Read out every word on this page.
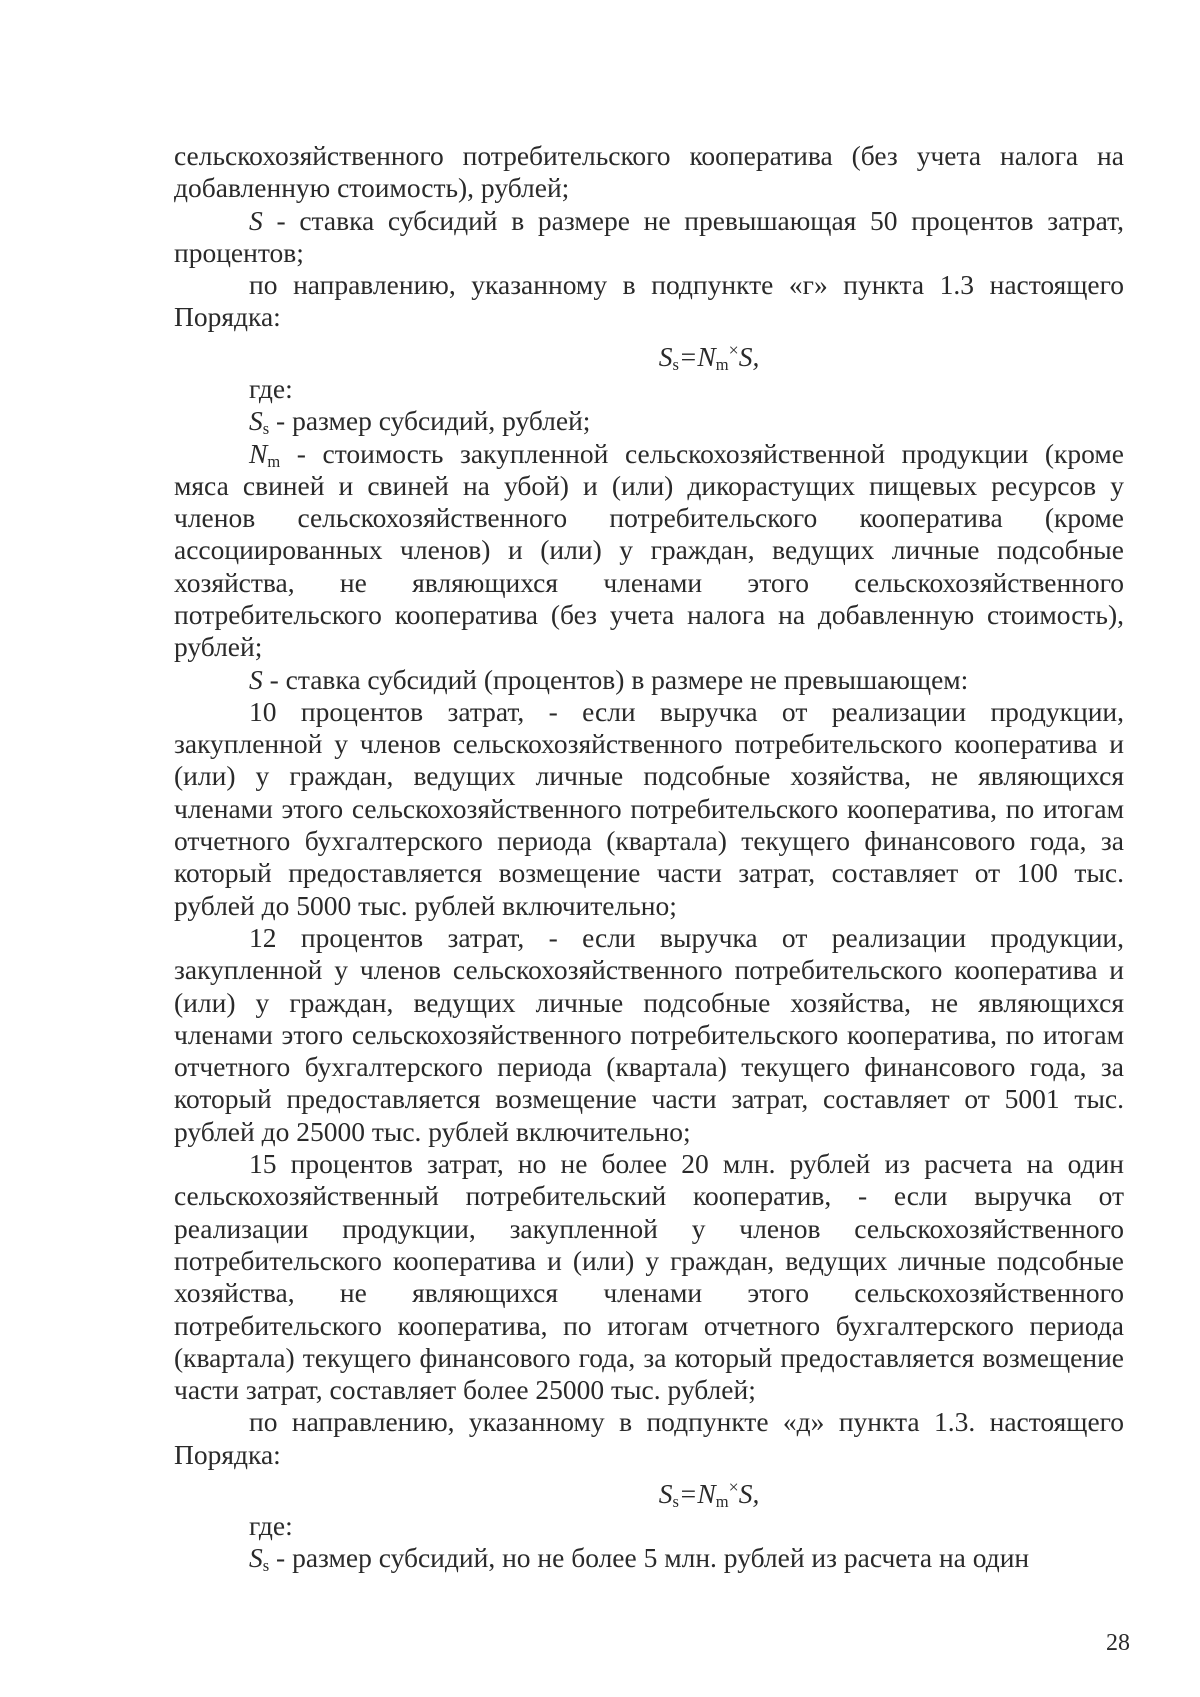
сельскохозяйственного потребительского кооператива (без учета налога на добавленную стоимость), рублей;

S - ставка субсидий в размере не превышающая 50 процентов затрат, процентов;

по направлению, указанному в подпункте «г» пункта 1.3 настоящего Порядка:

$S_s=N_m^\times S$,

где:

$S_s$ - размер субсидий, рублей;

$N_m$ - стоимость закупленной сельскохозяйственной продукции (кроме мяса свиней и свиней на убой) и (или) дикорастущих пищевых ресурсов у членов сельскохозяйственного потребительского кооператива (кроме ассоциированных членов) и (или) у граждан, ведущих личные подсобные хозяйства, не являющихся членами этого сельскохозяйственного потребительского кооператива (без учета налога на добавленную стоимость), рублей;

S - ставка субсидий (процентов) в размере не превышающем:

10 процентов затрат, - если выручка от реализации продукции, закупленной у членов сельскохозяйственного потребительского кооператива и (или) у граждан, ведущих личные подсобные хозяйства, не являющихся членами этого сельскохозяйственного потребительского кооператива, по итогам отчетного бухгалтерского периода (квартала) текущего финансового года, за который предоставляется возмещение части затрат, составляет от 100 тыс. рублей до 5000 тыс. рублей включительно;

12 процентов затрат, - если выручка от реализации продукции, закупленной у членов сельскохозяйственного потребительского кооператива и (или) у граждан, ведущих личные подсобные хозяйства, не являющихся членами этого сельскохозяйственного потребительского кооператива, по итогам отчетного бухгалтерского периода (квартала) текущего финансового года, за который предоставляется возмещение части затрат, составляет от 5001 тыс. рублей до 25000 тыс. рублей включительно;

15 процентов затрат, но не более 20 млн. рублей из расчета на один сельскохозяйственный потребительский кооператив, - если выручка от реализации продукции, закупленной у членов сельскохозяйственного потребительского кооператива и (или) у граждан, ведущих личные подсобные хозяйства, не являющихся членами этого сельскохозяйственного потребительского кооператива, по итогам отчетного бухгалтерского периода (квартала) текущего финансового года, за который предоставляется возмещение части затрат, составляет более 25000 тыс. рублей;

по направлению, указанному в подпункте «д» пункта 1.3. настоящего Порядка:

$S_s=N_m^\times S$,

где:

$S_s$ - размер субсидий, но не более 5 млн. рублей из расчета на один

28
